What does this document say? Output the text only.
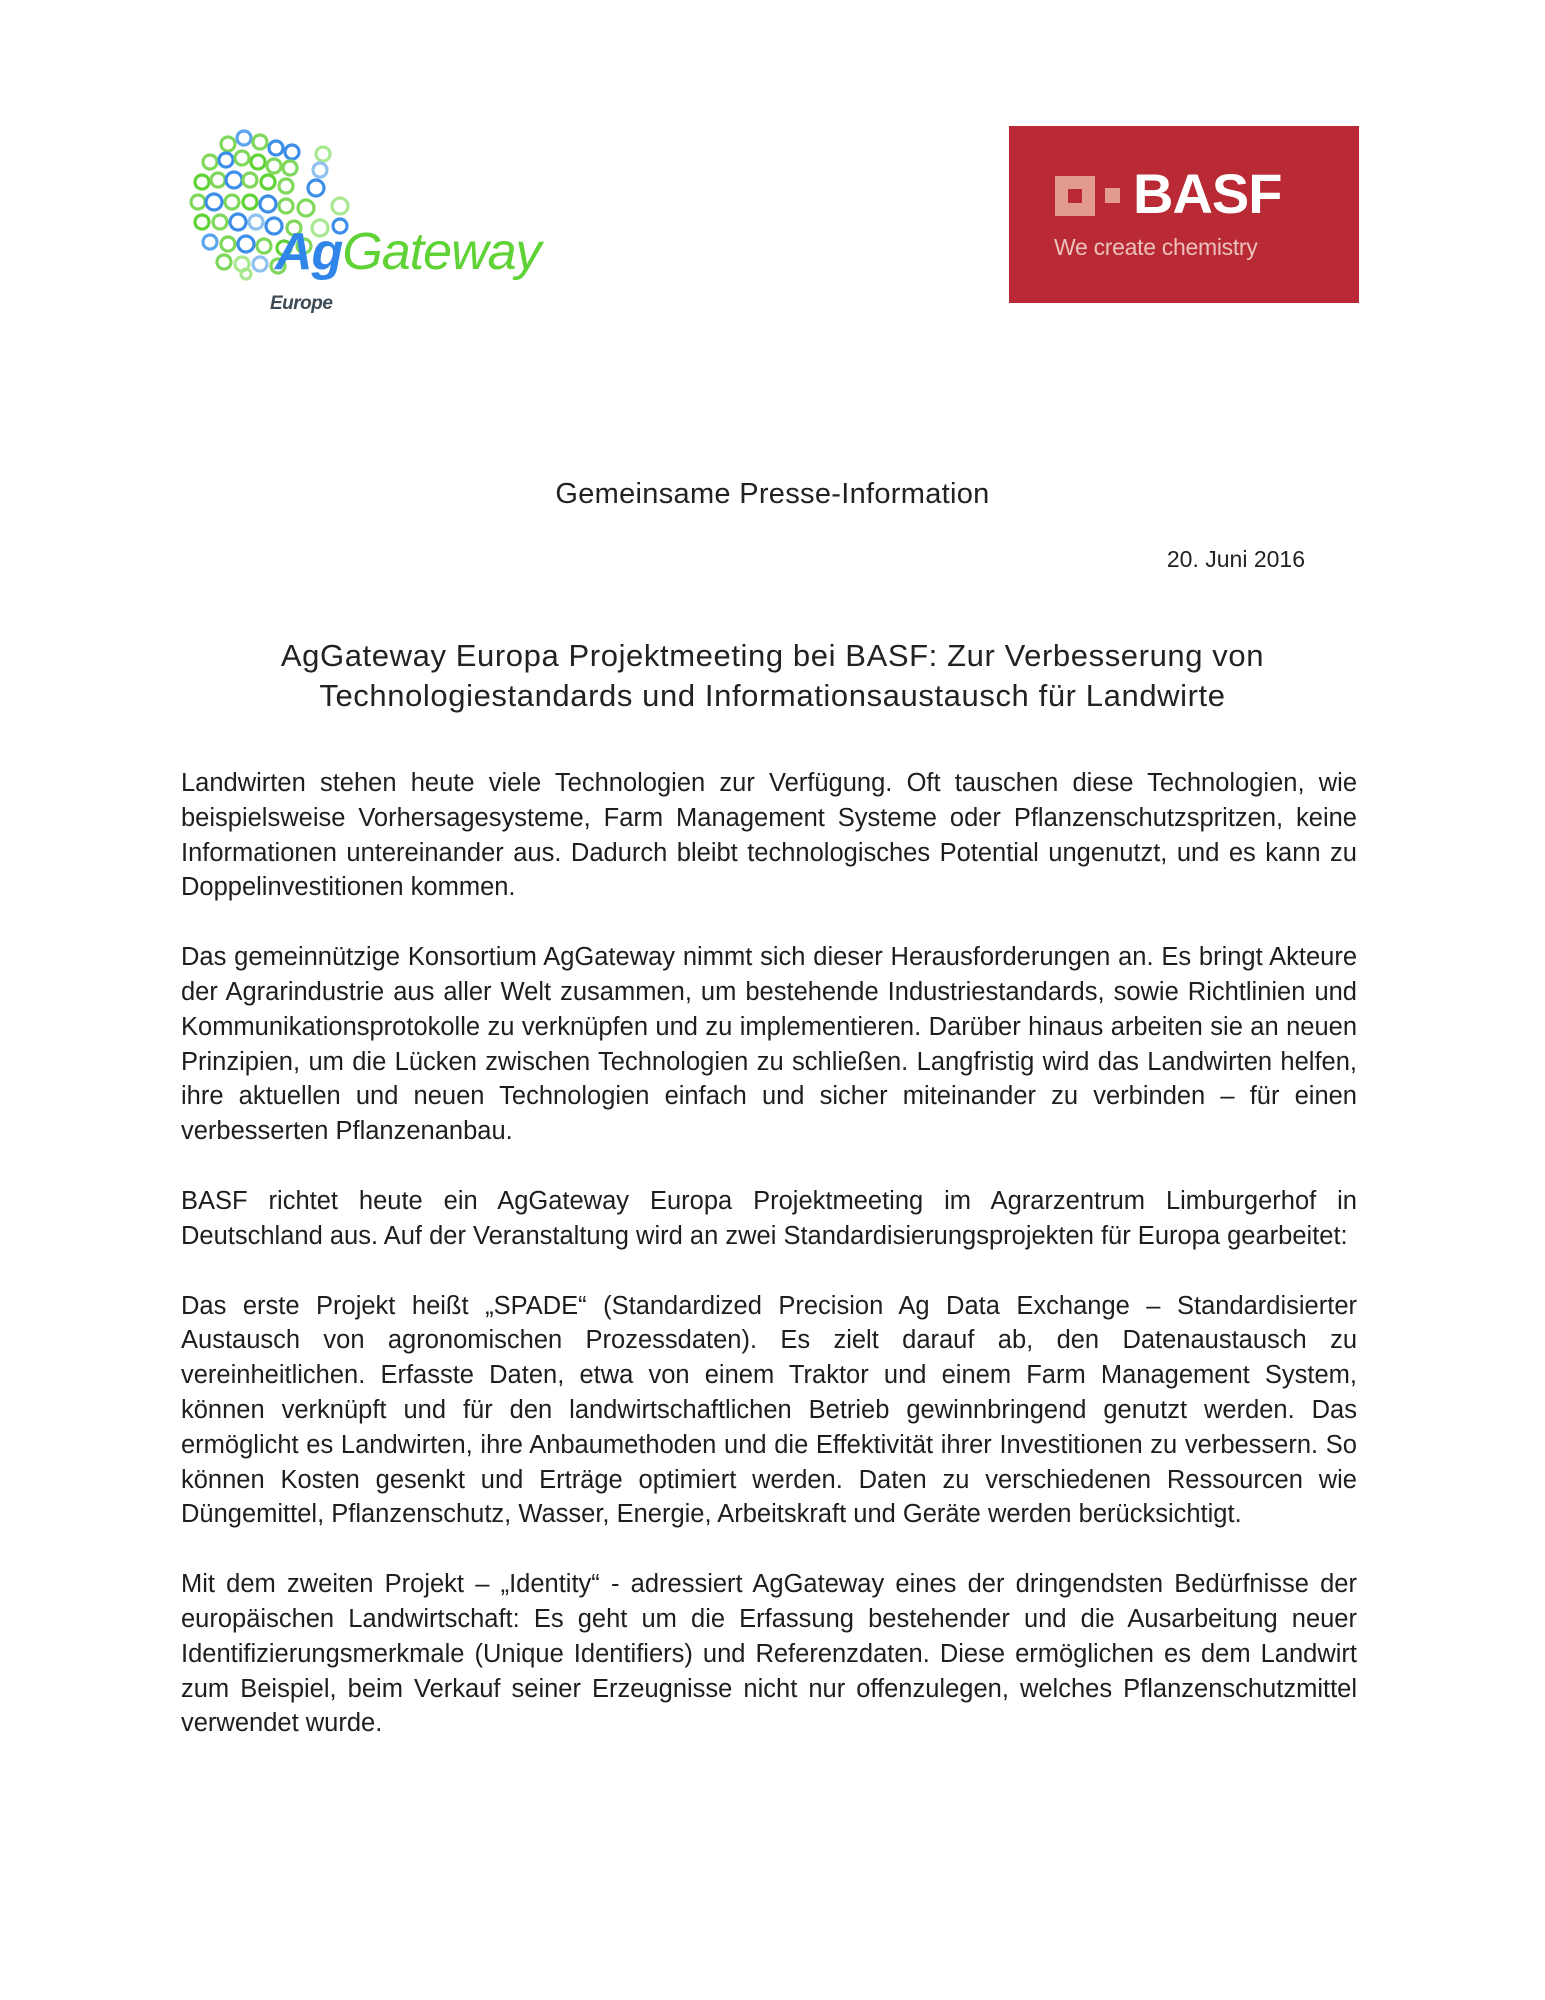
AgGateway
Europe
BASF
We create chemistry
Gemeinsame Presse-Information
20. Juni 2016
AgGateway Europa Projektmeeting bei BASF: Zur Verbesserung von
Technologiestandards und Informationsaustausch für Landwirte

Landwirten stehen heute viele Technologien zur Verfügung. Oft tauschen diese Technologien, wie beispielsweise Vorhersagesysteme, Farm Management Systeme oder Pflanzenschutzspritzen, keine Informationen untereinander aus. Dadurch bleibt technologisches Potential ungenutzt, und es kann zu Doppelinvestitionen kommen.

Das gemeinnützige Konsortium AgGateway nimmt sich dieser Herausforderungen an. Es bringt Akteure der Agrarindustrie aus aller Welt zusammen, um bestehende Industriestandards, sowie Richtlinien und Kommunikationsprotokolle zu verknüpfen und zu implementieren. Darüber hinaus arbeiten sie an neuen Prinzipien, um die Lücken zwischen Technologien zu schließen. Langfristig wird das Landwirten helfen, ihre aktuellen und neuen Technologien einfach und sicher miteinander zu verbinden – für einen verbesserten Pflanzenanbau.

BASF richtet heute ein AgGateway Europa Projektmeeting im Agrarzentrum Limburgerhof in Deutschland aus. Auf der Veranstaltung wird an zwei Standardisierungsprojekten für Europa gearbeitet:

Das erste Projekt heißt „SPADE“ (Standardized Precision Ag Data Exchange – Standardisierter Austausch von agronomischen Prozessdaten). Es zielt darauf ab, den Datenaustausch zu vereinheitlichen. Erfasste Daten, etwa von einem Traktor und einem Farm Management System, können verknüpft und für den landwirtschaftlichen Betrieb gewinnbringend genutzt werden. Das ermöglicht es Landwirten, ihre Anbaumethoden und die Effektivität ihrer Investitionen zu verbessern. So können Kosten gesenkt und Erträge optimiert werden. Daten zu verschiedenen Ressourcen wie Düngemittel, Pflanzenschutz, Wasser, Energie, Arbeitskraft und Geräte werden berücksichtigt.

Mit dem zweiten Projekt – „Identity“ - adressiert AgGateway eines der dringendsten Bedürfnisse der europäischen Landwirtschaft: Es geht um die Erfassung bestehender und die Ausarbeitung neuer Identifizierungsmerkmale (Unique Identifiers) und Referenzdaten. Diese ermöglichen es dem Landwirt zum Beispiel, beim Verkauf seiner Erzeugnisse nicht nur offenzulegen, welches Pflanzenschutzmittel verwendet wurde.
